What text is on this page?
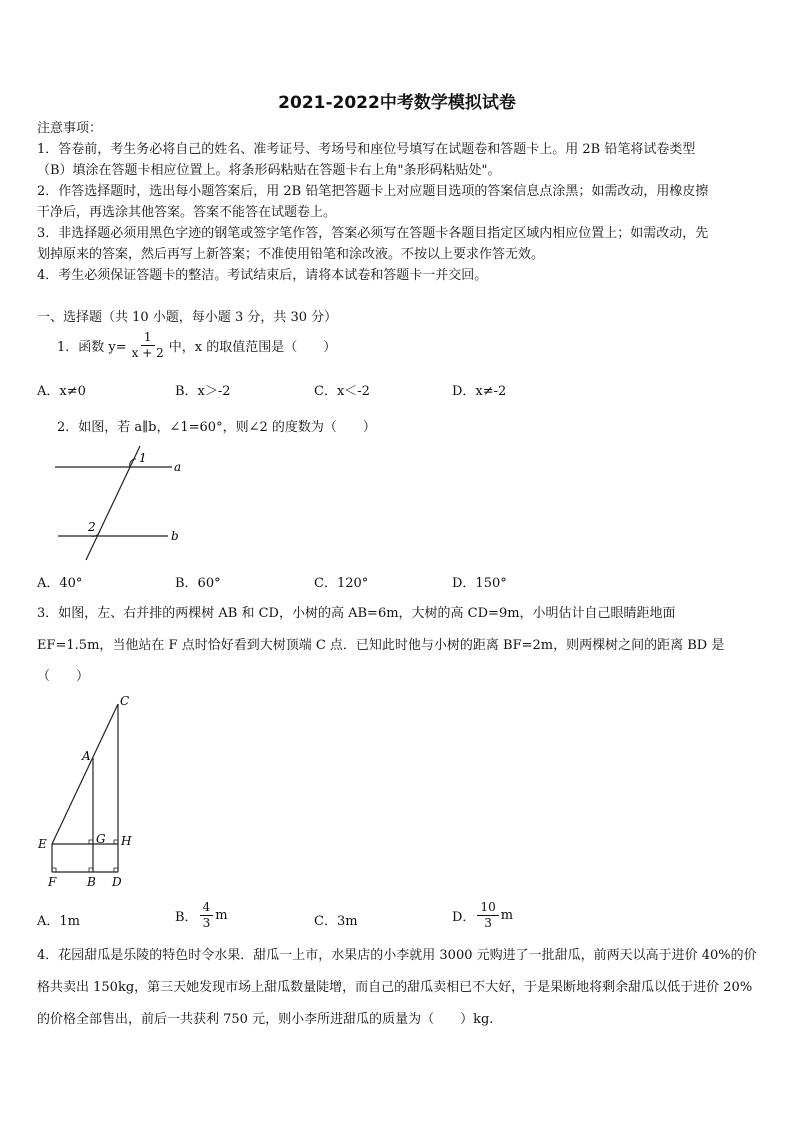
2021-2022中考数学模拟试卷
注意事项：
1．答卷前，考生务必将自己的姓名、准考证号、考场号和座位号填写在试题卷和答题卡上。用 2B 铅笔将试卷类型
（B）填涂在答题卡相应位置上。将条形码粘贴在答题卡右上角"条形码粘贴处"。
2．作答选择题时，选出每小题答案后，用 2B 铅笔把答题卡上对应题目选项的答案信息点涂黑；如需改动，用橡皮擦
干净后，再选涂其他答案。答案不能答在试题卷上。
3．非选择题必须用黑色字迹的钢笔或签字笔作答，答案必须写在答题卡各题目指定区域内相应位置上；如需改动，先
划掉原来的答案，然后再写上新答案；不准使用铅笔和涂改液。不按以上要求作答无效。
4．考生必须保证答题卡的整洁。考试结束后，请将本试卷和答题卡一并交回。
一、选择题（共 10 小题，每小题 3 分，共 30 分）
1．函数 $y= \frac{1}{x + 2}$ 中，x 的取值范围是（　　）
A．x≠0	B．x＞-2	C．x＜-2	D．x≠-2
2．如图，若 a∥b，∠1=60°，则∠2 的度数为（　　）
1
2
a
b
A．40°	B．60°	C．120°	D．150°
3．如图，左、右并排的两棵树 AB 和 CD，小树的高 AB=6m，大树的高 CD=9m，小明估计自己眼睛距地面
EF=1.5m，当他站在 F 点时恰好看到大树顶端 C 点．已知此时他与小树的距离 BF=2m，则两棵树之间的距离 BD 是
（　　）
C
A
E	G H
F	B D
A．1m	B． $\frac{4}{3}$ m	C．3m	D． $\frac{10}{3}$ m
4．花园甜瓜是乐陵的特色时令水果．甜瓜一上市，水果店的小李就用 3000 元购进了一批甜瓜，前两天以高于进价 40%的价格共卖出 150kg，第三天她发现市场上甜瓜数量陡增，而自己的甜瓜卖相已不大好，于是果断地将剩余甜瓜以低于进价 20%的价格全部售出，前后一共获利 750 元，则小李所进甜瓜的质量为（　　）kg.
